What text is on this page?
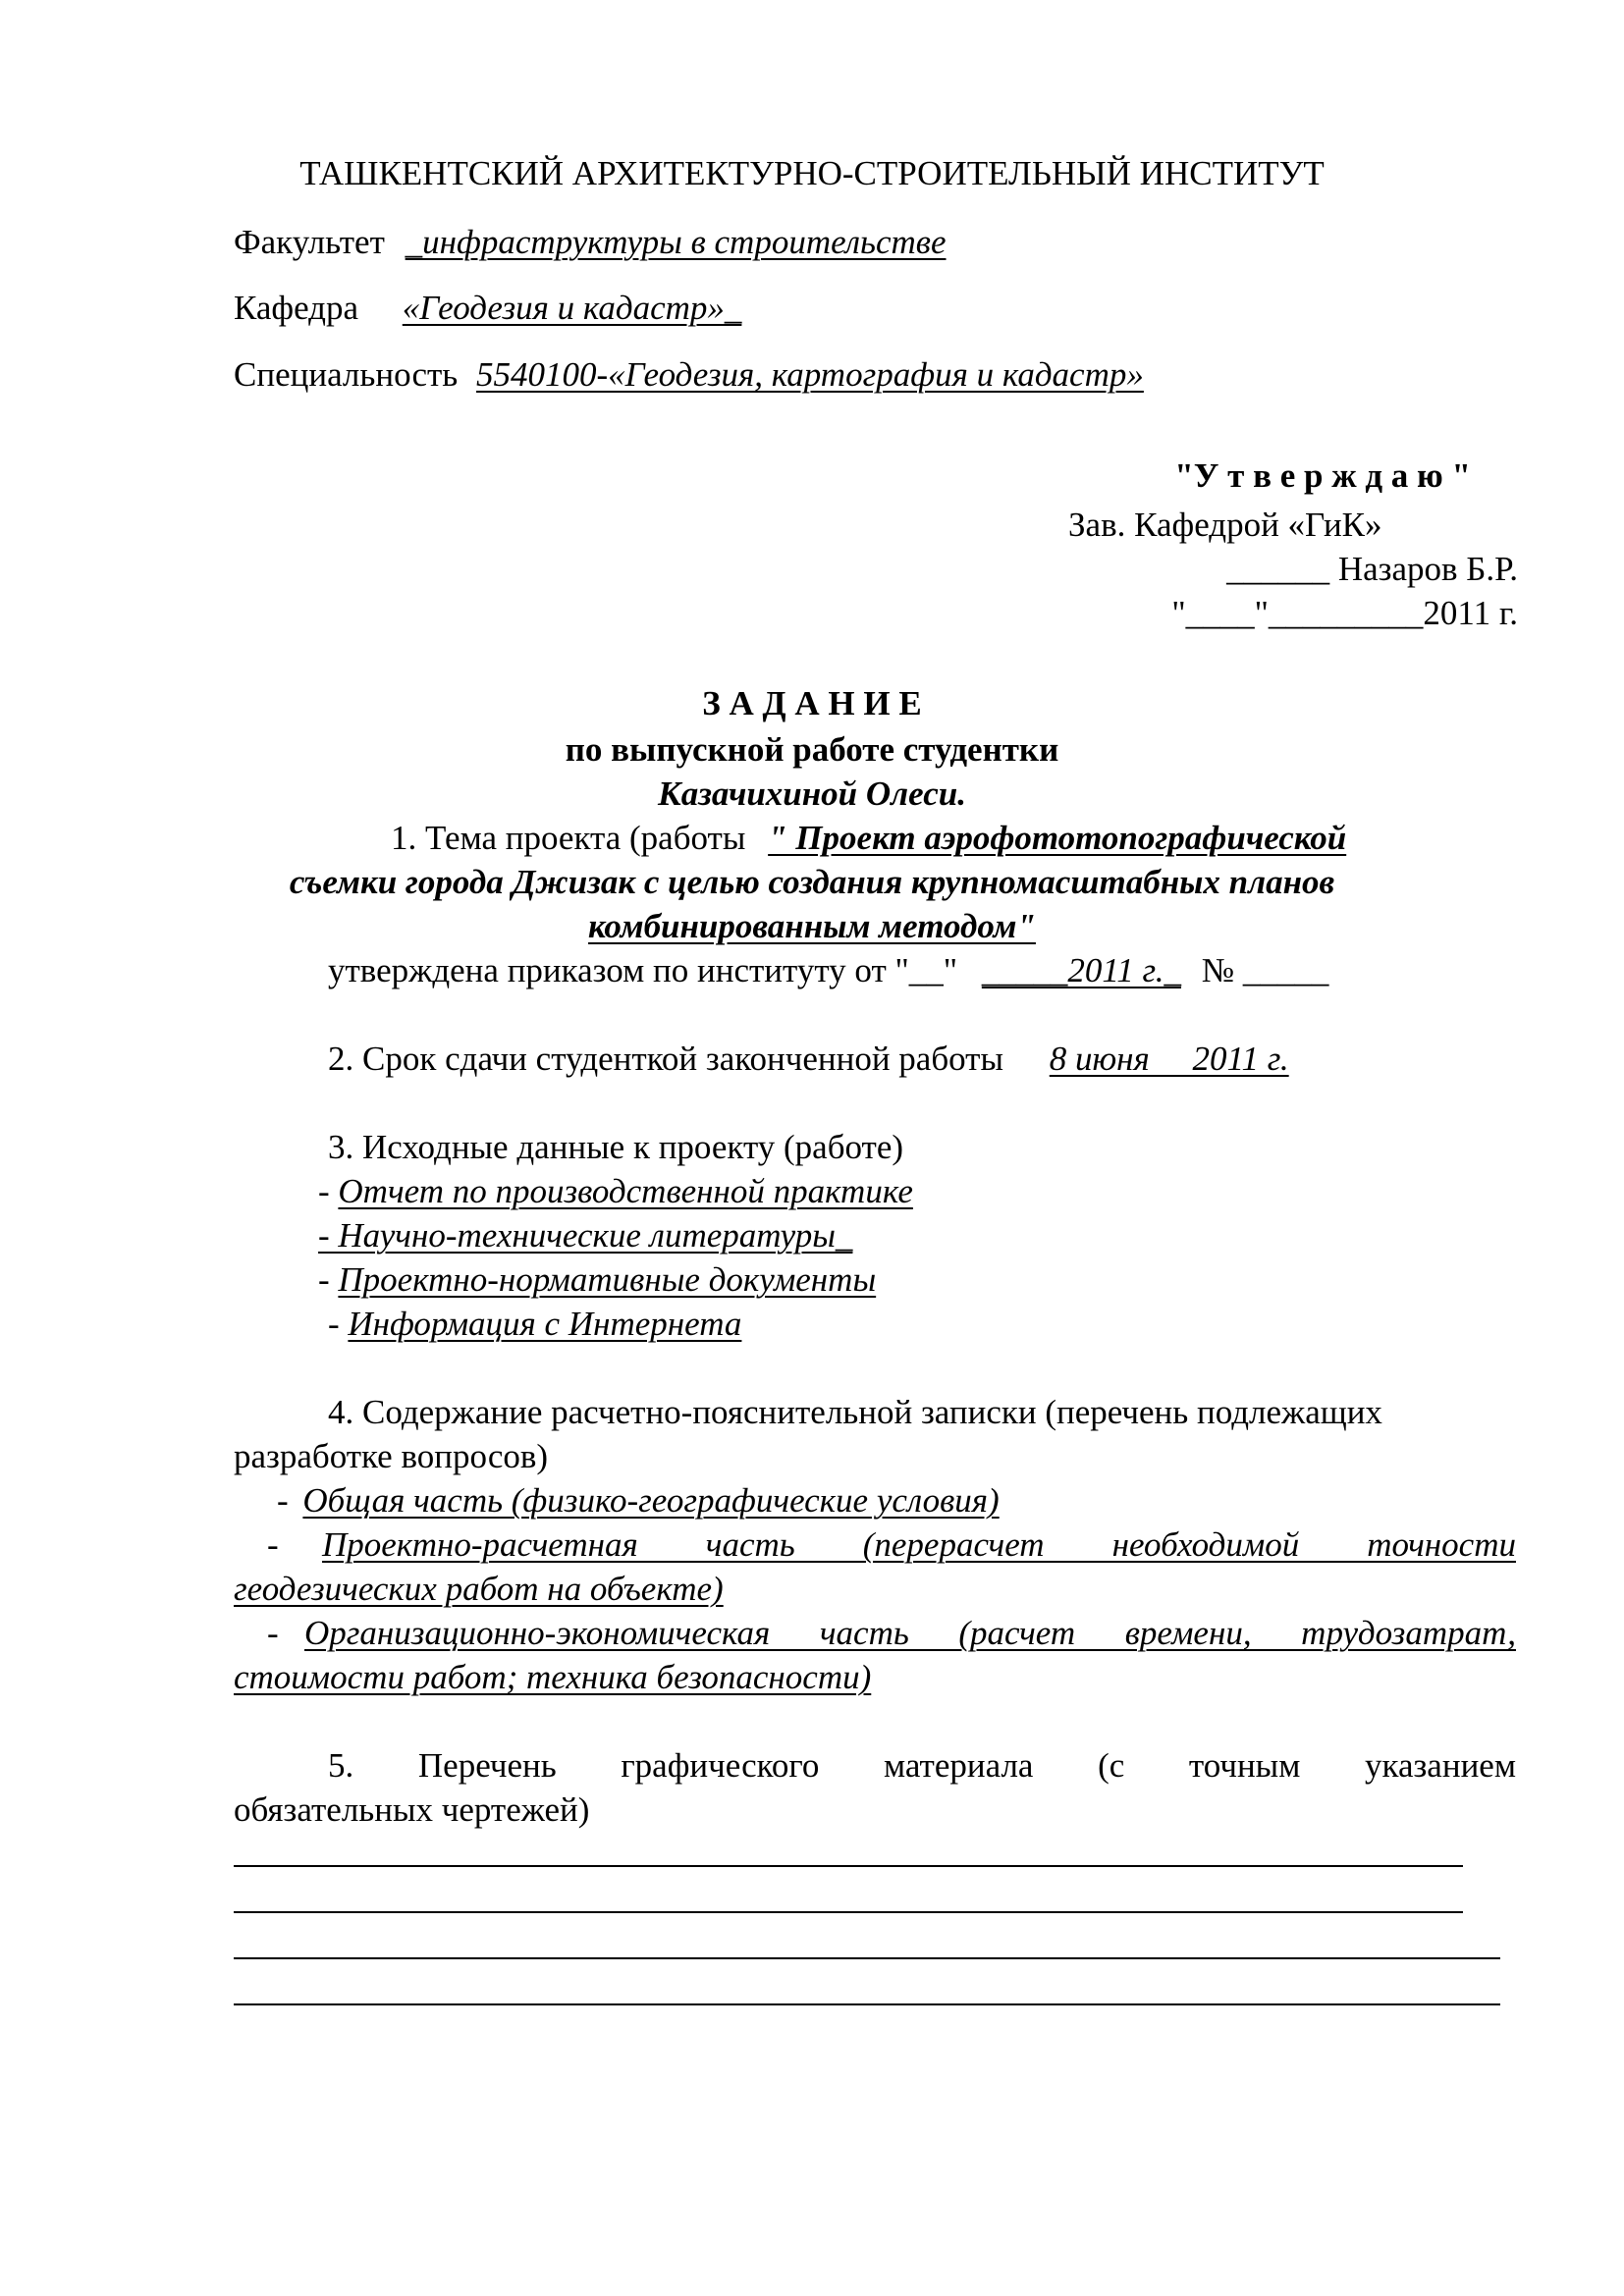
ТАШКЕНТСКИЙ АРХИТЕКТУРНО-СТРОИТЕЛЬНЫЙ ИНСТИТУТ
Факультет _инфраструктуры в строительстве
Кафедра «Геодезия и кадастр»_
Специальность 5540100-«Геодезия, картография и кадастр»
"У т в е р ж д а ю "
Зав. Кафедрой «ГиК»
______ Назаров Б.Р.
"____"_________2011 г.
З А Д А Н И Е
по выпускной работе студентки
Казачихиной Олеси.
1. Тема проекта (работы " Проект аэрофототопографической
съемки города Джизак с целью создания крупномасштабных планов
комбинированным методом"
утверждена приказом по институту от "__" _____2011 г._ № _____
2. Срок сдачи студенткой законченной работы 8 июня     2011 г.
3. Исходные данные к проекту (работе)
- Отчет по производственной практике
- Научно-технические литературы_
- Проектно-нормативные документы
- Информация с Интернета
4. Содержание расчетно-пояснительной записки (перечень подлежащих
разработке вопросов)
- Общая часть (физико-географические условия)
- Проектно-расчетная часть (перерасчет необходимой точности
геодезических работ на объекте)
- Организационно-экономическая часть (расчет времени, трудозатрат,
стоимости работ; техника безопасности)
5. Перечень графического материала (с точным указанием
обязательных чертежей)
